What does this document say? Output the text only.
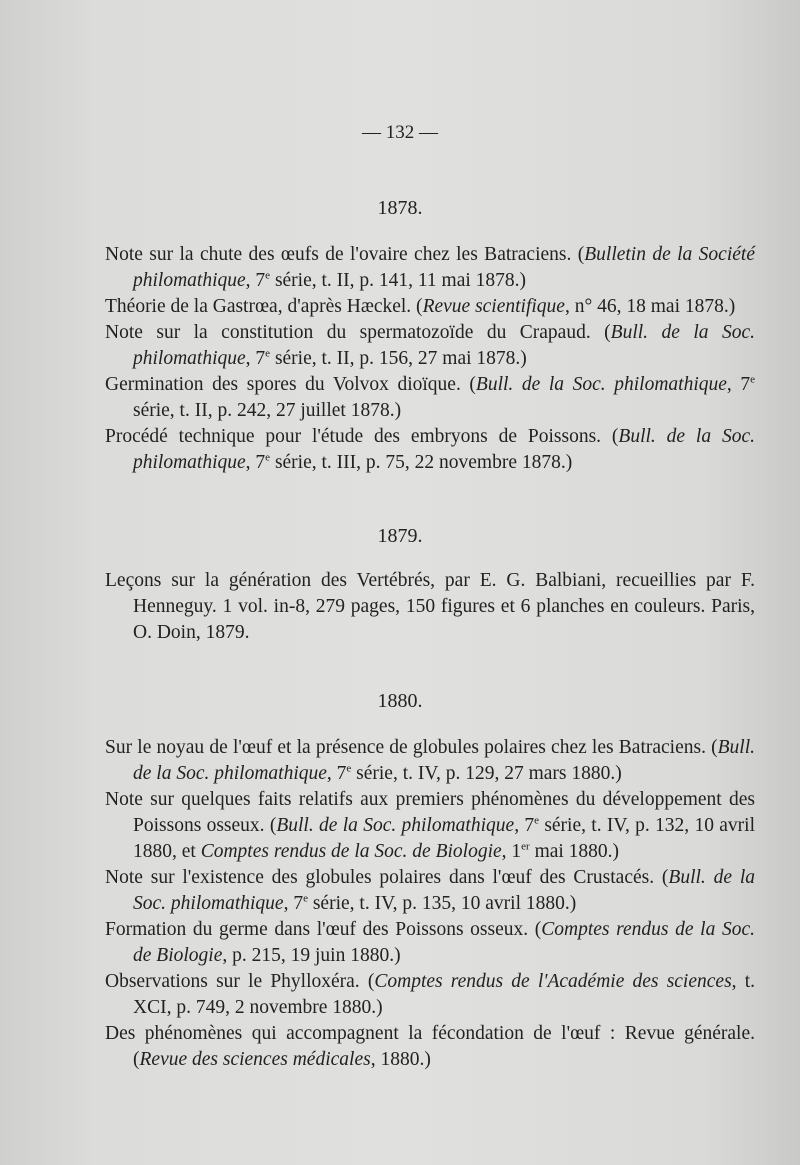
— 132 —
1878.

Note sur la chute des œufs de l'ovaire chez les Batraciens. (Bulletin de la Société philomathique, 7e série, t. II, p. 141, 11 mai 1878.)

Théorie de la Gastrœa, d'après Hæckel. (Revue scientifique, n° 46, 18 mai 1878.)

Note sur la constitution du spermatozoïde du Crapaud. (Bull. de la Soc. philomathique, 7e série, t. II, p. 156, 27 mai 1878.)

Germination des spores du Volvox dioïque. (Bull. de la Soc. philomathique, 7e série, t. II, p. 242, 27 juillet 1878.)

Procédé technique pour l'étude des embryons de Poissons. (Bull. de la Soc. philomathique, 7e série, t. III, p. 75, 22 novembre 1878.)

1879.

Leçons sur la génération des Vertébrés, par E. G. Balbiani, recueillies par F. Henneguy. 1 vol. in-8, 279 pages, 150 figures et 6 planches en couleurs. Paris, O. Doin, 1879.

1880.

Sur le noyau de l'œuf et la présence de globules polaires chez les Batraciens. (Bull. de la Soc. philomathique, 7e série, t. IV, p. 129, 27 mars 1880.)

Note sur quelques faits relatifs aux premiers phénomènes du développement des Poissons osseux. (Bull. de la Soc. philomathique, 7e série, t. IV, p. 132, 10 avril 1880, et Comptes rendus de la Soc. de Biologie, 1er mai 1880.)

Note sur l'existence des globules polaires dans l'œuf des Crustacés. (Bull. de la Soc. philomathique, 7e série, t. IV, p. 135, 10 avril 1880.)

Formation du germe dans l'œuf des Poissons osseux. (Comptes rendus de la Soc. de Biologie, p. 215, 19 juin 1880.)

Observations sur le Phylloxéra. (Comptes rendus de l'Académie des sciences, t. XCI, p. 749, 2 novembre 1880.)

Des phénomènes qui accompagnent la fécondation de l'œuf : Revue générale. (Revue des sciences médicales, 1880.)
